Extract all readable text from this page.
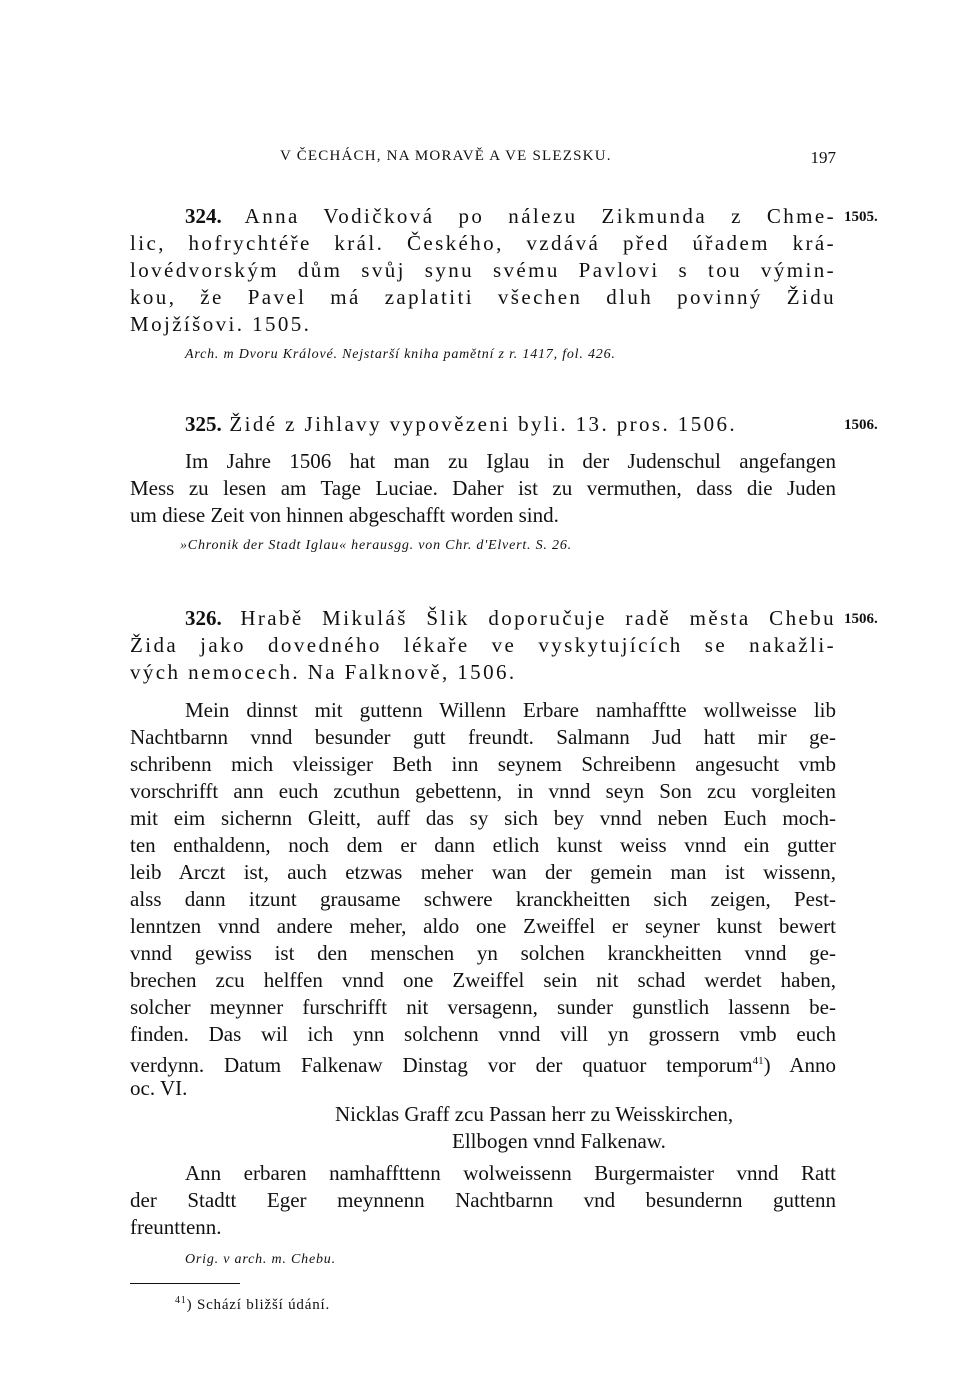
V ČECHÁCH, NA MORAVĚ A VE SLEZSKU.	197
324. Anna Vodičková po nálezu Zikmunda z Chme-
lic, hofrychtéře král. Českého, vzdává před úřadem krá-
lovédvorským dům svůj synu svému Pavlovi s tou výmin-
kou, že Pavel má zaplatiti všechen dluh povinný Židu
Mojžíšovi. 1505.
Arch. m Dvoru Králové. Nejstarší kniha pamětní z r. 1417, fol. 426.
1505.
325. Židé z Jihlavy vypovězeni byli. 13. pros. 1506.
Im Jahre 1506 hat man zu Iglau in der Judenschul angefangen
Mess zu lesen am Tage Luciae. Daher ist zu vermuthen, dass die Juden
um diese Zeit von hinnen abgeschafft worden sind.
»Chronik der Stadt Iglau« herausgg. von Chr. d'Elvert. S. 26.
1506.
326. Hrabě Mikuláš Šlik doporučuje radě města Chebu
Žida jako dovedného lékaře ve vyskytujících se nakažli-
vých nemocech. Na Falknově, 1506.
Mein dinnst mit guttenn Willenn Erbare namhafftte wollweisse lib
Nachtbarnn vnnd besunder gutt freundt. Salmann Jud hatt mir ge-
schribenn mich vleissiger Beth inn seynem Schreibenn angesucht vmb
vorschrifft ann euch zcuthun gebettenn, in vnnd seyn Son zcu vorgleiten
mit eim sichernn Gleitt, auff das sy sich bey vnnd neben Euch moch-
ten enthaldenn, noch dem er dann etlich kunst weiss vnnd ein gutter
leib Arczt ist, auch etzwas meher wan der gemein man ist wissenn,
alss dann itzunt grausame schwere kranckheitten sich zeigen, Pest-
lenntzen vnnd andere meher, aldo one Zweiffel er seyner kunst bewert
vnnd gewiss ist den menschen yn solchen kranckheitten vnnd ge-
brechen zcu helffen vnnd one Zweiffel sein nit schad werdet haben,
solcher meynner furschrifft nit versagenn, sunder gunstlich lassenn be-
finden. Das wil ich ynn solchenn vnnd vill yn grossern vmb euch
verdynn. Datum Falkenaw Dinstag vor der quatuor temporum$^{41}$) Anno
oc. VI.
Nicklas Graff zcu Passan herr zu Weisskirchen,
Ellbogen vnnd Falkenaw.
Ann erbaren namhaffttenn wolweissenn Burgermaister vnnd Ratt
der Stadtt Eger meynnenn Nachtbarnn vnd besundernn guttenn
freunttenn.
Orig. v arch. m. Chebu.
1506.
$^{41}$) Schází bližší údání.
